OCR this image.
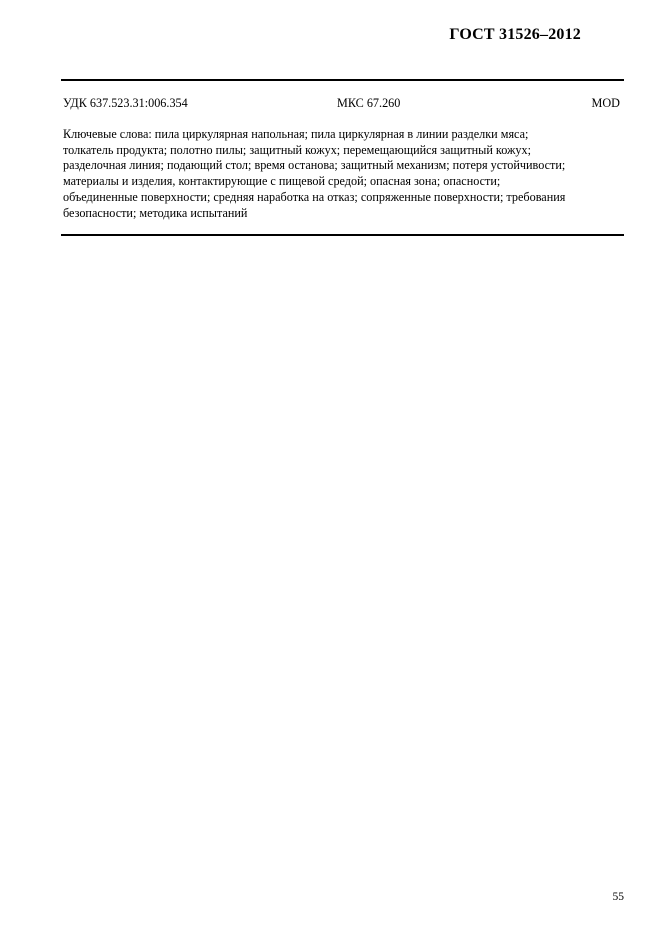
ГОСТ 31526–2012
УДК 637.523.31:006.354	МКС 67.260	MOD
Ключевые слова: пила циркулярная напольная; пила циркулярная в линии разделки мяса;
толкатель продукта; полотно пилы; защитный кожух; перемещающийся защитный кожух;
разделочная линия; подающий стол; время останова; защитный механизм; потеря устойчивости;
материалы и изделия, контактирующие с пищевой средой; опасная зона; опасности;
объединенные поверхности; средняя наработка на отказ; сопряженные поверхности; требования
безопасности; методика испытаний
55
